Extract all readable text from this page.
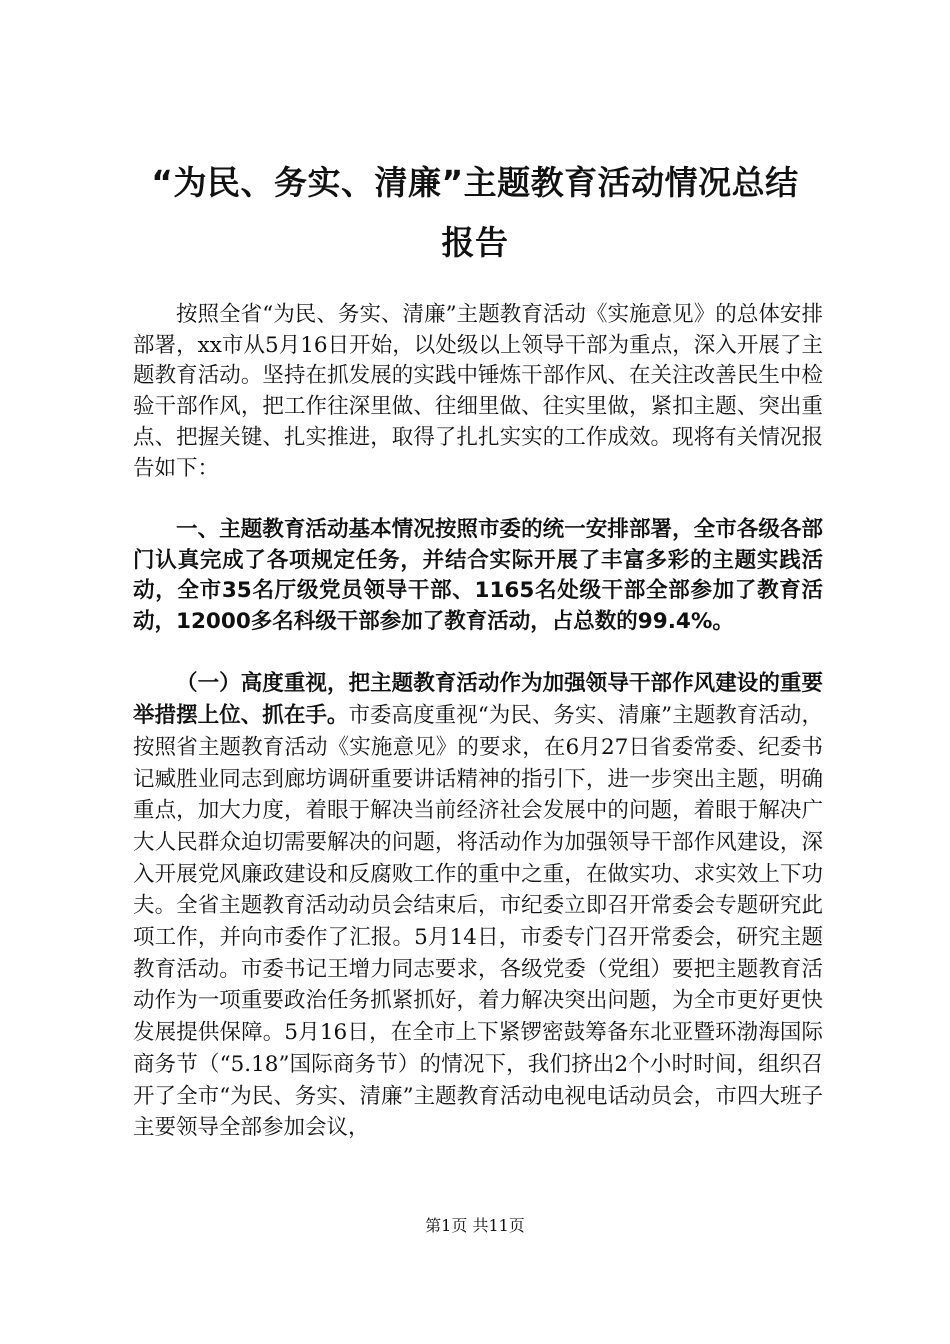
“为民、务实、清廉”主题教育活动情况总结
报告

按照全省“为民、务实、清廉”主题教育活动《实施意见》的总体安排部署，xx市从5月16日开始，以处级以上领导干部为重点，深入开展了主题教育活动。坚持在抓发展的实践中锤炼干部作风、在关注改善民生中检验干部作风，把工作往深里做、往细里做、往实里做，紧扣主题、突出重点、把握关键、扎实推进，取得了扎扎实实的工作成效。现将有关情况报告如下：

一、主题教育活动基本情况按照市委的统一安排部署，全市各级各部门认真完成了各项规定任务，并结合实际开展了丰富多彩的主题实践活动，全市35名厅级党员领导干部、1165名处级干部全部参加了教育活动，12000多名科级干部参加了教育活动，占总数的99.4%。

（一）高度重视，把主题教育活动作为加强领导干部作风建设的重要举措摆上位、抓在手。市委高度重视“为民、务实、清廉”主题教育活动，按照省主题教育活动《实施意见》的要求，在6月27日省委常委、纪委书记臧胜业同志到廊坊调研重要讲话精神的指引下，进一步突出主题，明确重点，加大力度，着眼于解决当前经济社会发展中的问题，着眼于解决广大人民群众迫切需要解决的问题，将活动作为加强领导干部作风建设，深入开展党风廉政建设和反腐败工作的重中之重，在做实功、求实效上下功夫。全省主题教育活动动员会结束后，市纪委立即召开常委会专题研究此项工作，并向市委作了汇报。5月14日，市委专门召开常委会，研究主题教育活动。市委书记王增力同志要求，各级党委（党组）要把主题教育活动作为一项重要政治任务抓紧抓好，着力解决突出问题，为全市更好更快发展提供保障。5月16日，在全市上下紧锣密鼓筹备东北亚暨环渤海国际商务节（“5.18”国际商务节）的情况下，我们挤出2个小时时间，组织召开了全市“为民、务实、清廉”主题教育活动电视电话动员会，市四大班子主要领导全部参加会议，

第1页 共11页
